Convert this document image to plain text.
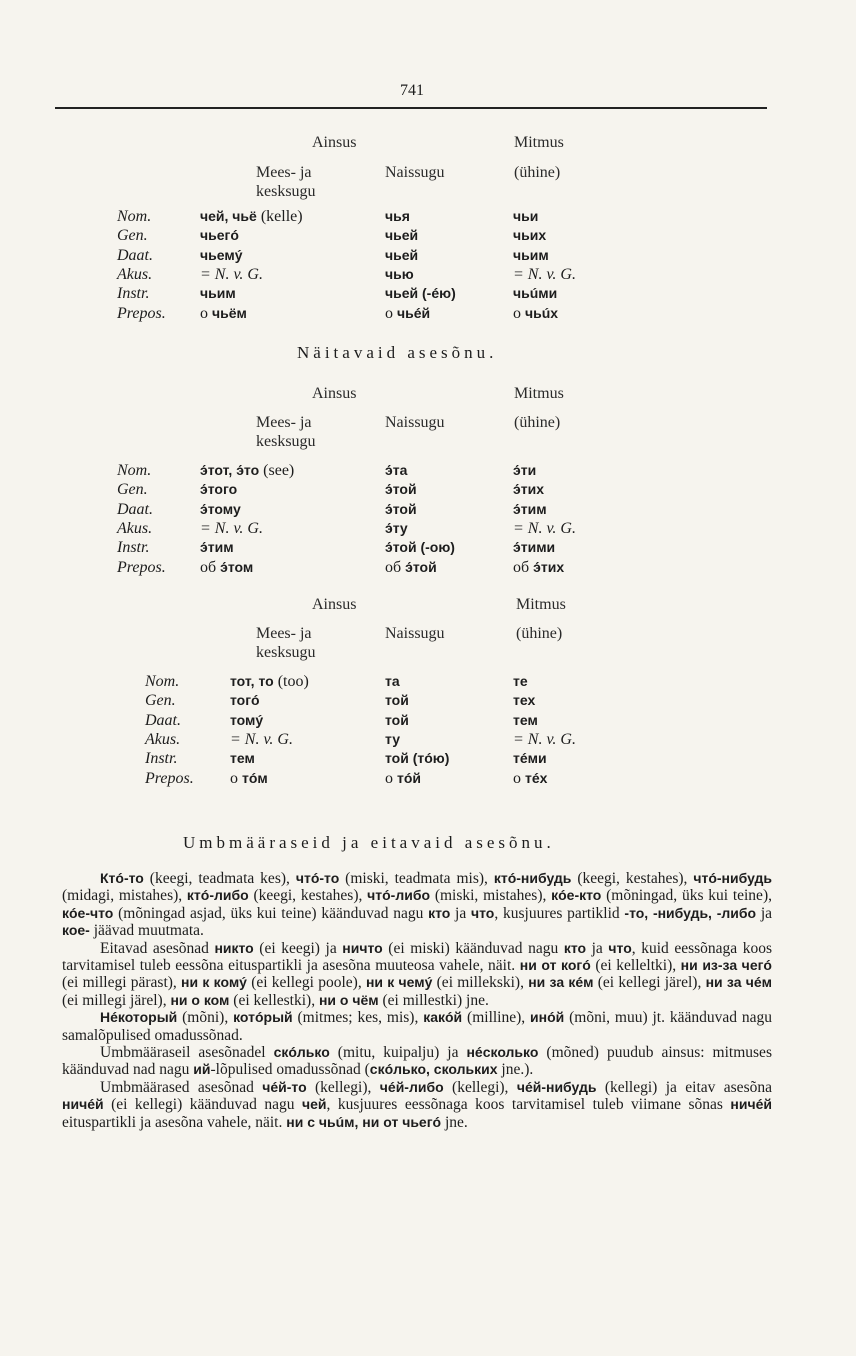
741
Ainsus	Mitmus
Mees- ja
kesksugu
Naissugu	(ühine)
Nom.	чей, чьё (kelle)	чья	чьи
Gen.	чьегó	чьей	чьих
Daat.	чьемý	чьей	чьим
Akus.	= N. v. G.	чью	= N. v. G.
Instr.	чьим	чьей (-éю)	чьúми
Prepos. о чьём	о чьéй	о чьúх
Näitavaid asesõnu.
Ainsus	Mitmus
Mees- ja
kesksugu
Naissugu	(ühine)
Nom.	э́тот, э́то (see)	э́та	э́ти
Gen.	э́того	э́той	э́тих
Daat.	э́тому	э́той	э́тим
Akus.	= N. v. G.	э́ту	= N. v. G.
Instr.	э́тим	э́той (-ою)	э́тими
Prepos. об э́том	об э́той	об э́тих
Ainsus	Mitmus
Mees- ja
kesksugu
Naissugu	(ühine)
Nom.	тот, то (too)	та	те
Gen.	тогó	той	тех
Daat.	томý	той	тем
Akus.	= N. v. G.	ту	= N. v. G.
Instr.	тем	той (тóю)	тéми
Prepos. о тóм	о тóй	о тéх
Umbmääraseid ja eitavaid asesõnu.

Ктó-то (keegi, teadmata kes), чтó-то (miski, teadmata mis), ктó-нибудь (keegi, kestahes), чтó-нибудь (midagi, mistahes), ктó-либо (keegi, kestahes), чтó-либо (miski, mistahes), кóе-кто (mõningad, üks kui teine), кóе-что (mõningad asjad, üks kui teine) käänduvad nagu кто ja что, kusjuures partiklid -то, -нибудь, -либо ja кое- jäävad muutmata.

Eitavad asesõnad никто (ei keegi) ja ничто (ei miski) käänduvad nagu кто ja что, kuid eessõnaga koos tarvitamisel tuleb eessõna eituspartikli ja asesõna muuteosa vahele, näit. ни от когó (ei kelleltki), ни из-за чегó (ei millegi pärast), ни к комý (ei kellegi poole), ни к чемý (ei millekski), ни за кéм (ei kellegi järel), ни за чéм (ei millegi järel), ни о ком (ei kellestki), ни о чём (ei millestki) jne.

Нéкоторый (mõni), котóрый (mitmes; kes, mis), какóй (milline), инóй (mõni, muu) jt. käänduvad nagu samalõpulised omadussõnad.

Umbmääraseil asesõnadel скóлько (mitu, kuipalju) ja нéсколько (mõned) puudub ainsus: mitmuses käänduvad nad nagu ий-lõpulised omadussõnad (скóлько, скольких jne.).

Umbmäärased asesõnad чéй-то (kellegi), чéй-либо (kellegi), чéй-нибудь (kellegi) ja eitav asesõna ничéй (ei kellegi) käänduvad nagu чей, kusjuures eessõnaga koos tarvitamisel tuleb viimane sõnas ничéй eituspartikli ja asesõna vahele, näit. ни с чьúм, ни от чьегó jne.
